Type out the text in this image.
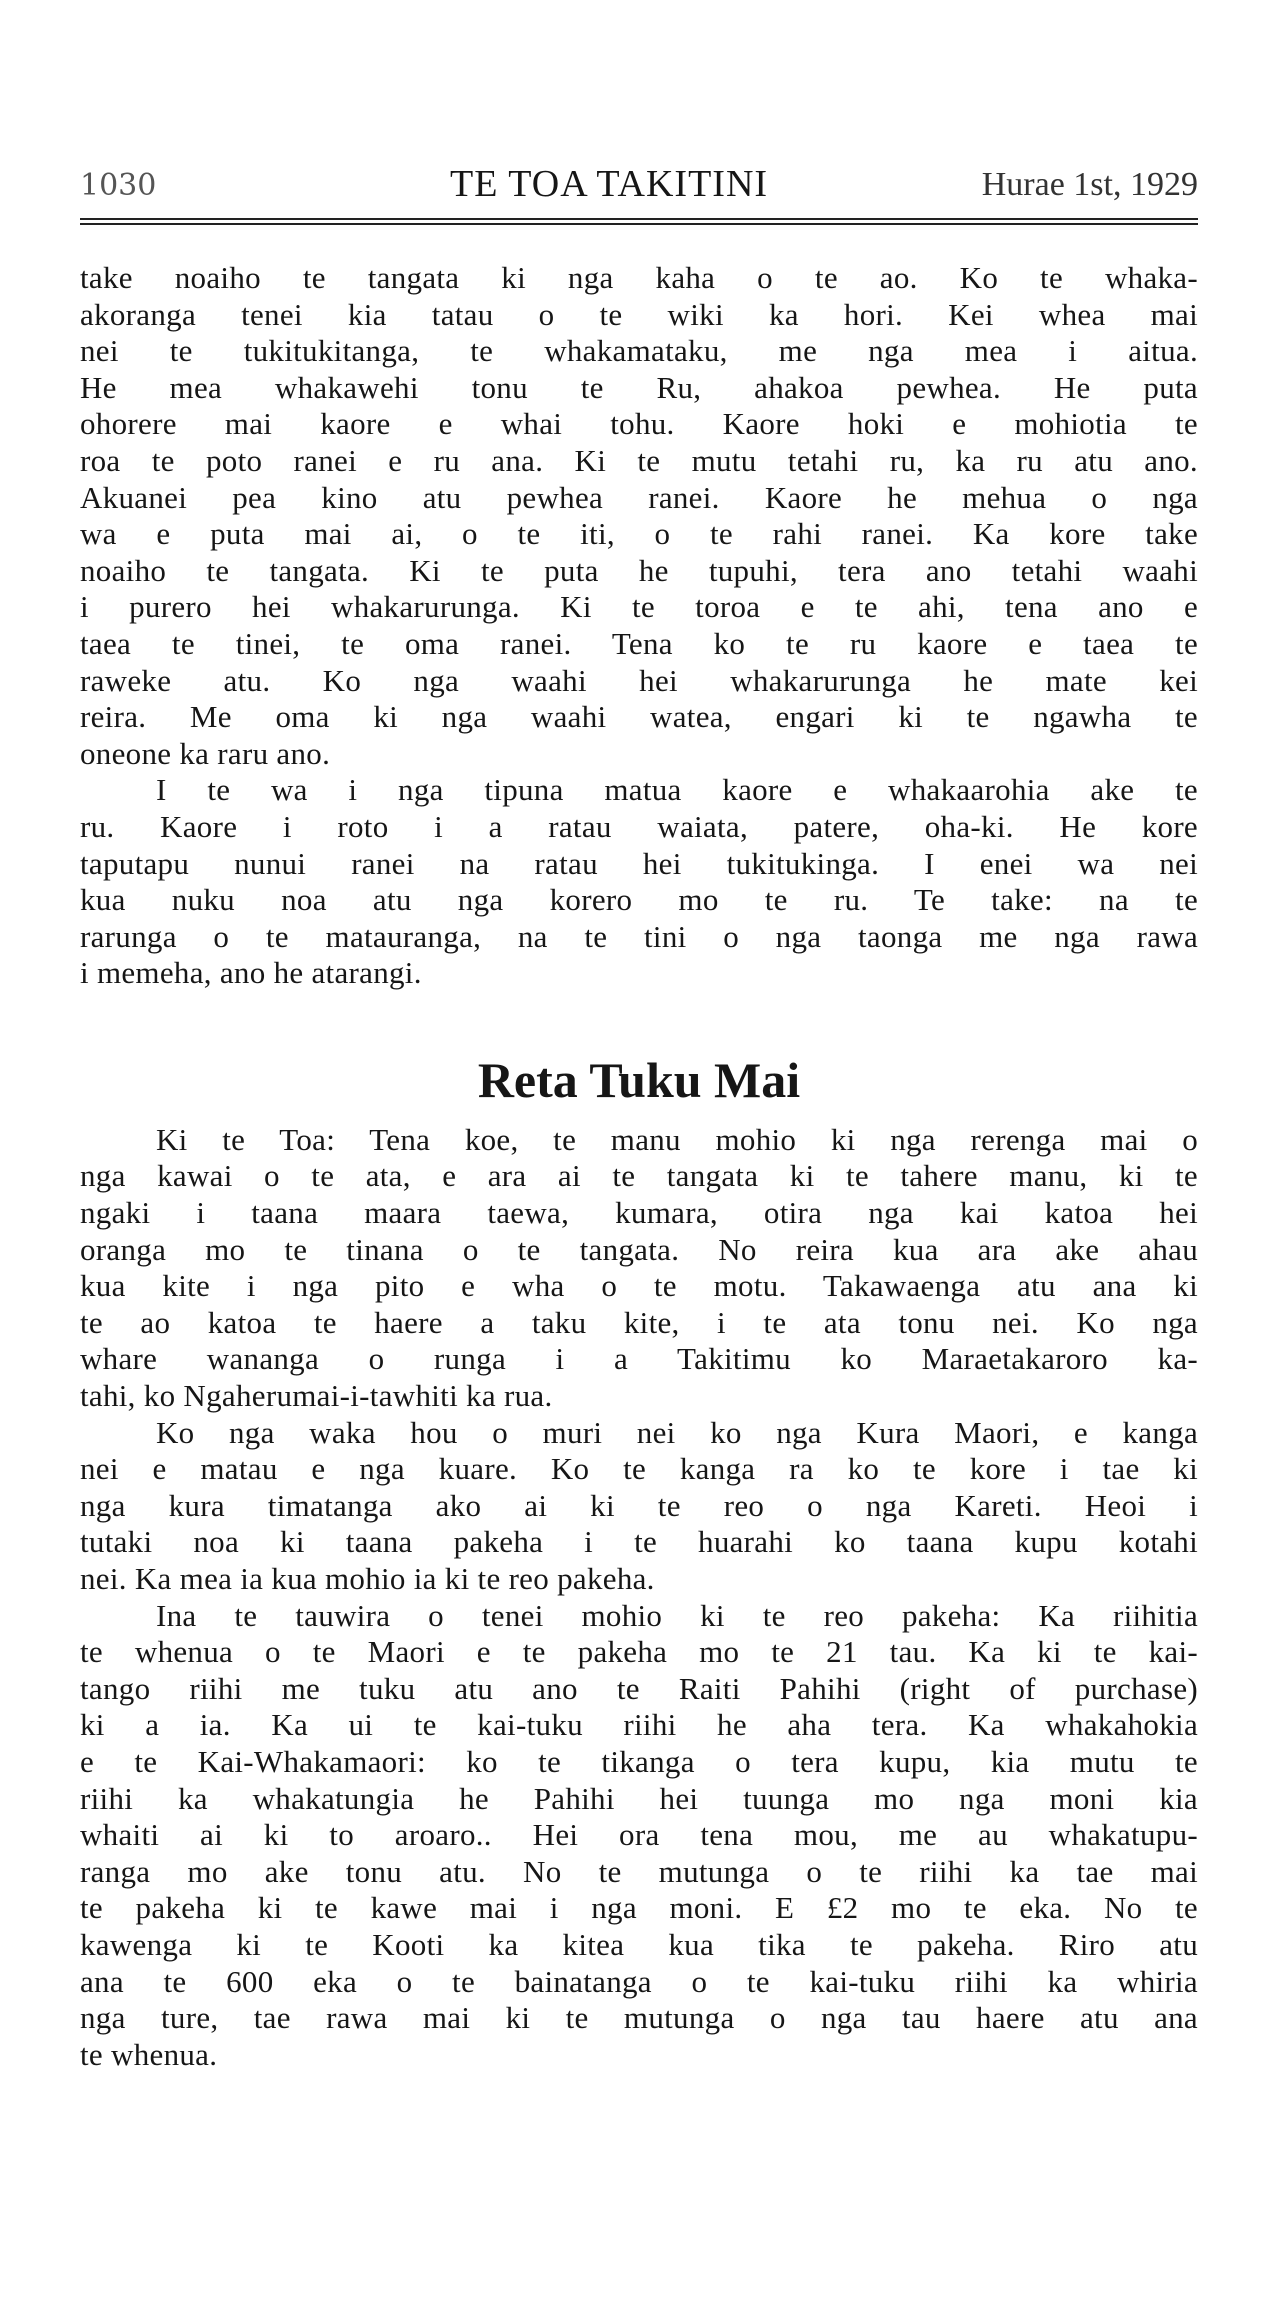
1030	TE TOA TAKITINI	Hurae 1st, 1929
take noaiho te tangata ki nga kaha o te ao. Ko te whaka-
akoranga tenei kia tatau o te wiki ka hori. Kei whea mai
nei te tukitukitanga, te whakamataku, me nga mea i aitua.
He mea whakawehi tonu te Ru, ahakoa pewhea. He puta
ohorere mai kaore e whai tohu. Kaore hoki e mohiotia te
roa te poto ranei e ru ana. Ki te mutu tetahi ru, ka ru atu ano.
Akuanei pea kino atu pewhea ranei. Kaore he mehua o nga
wa e puta mai ai, o te iti, o te rahi ranei. Ka kore take
noaiho te tangata. Ki te puta he tupuhi, tera ano tetahi waahi
i purero hei whakarurunga. Ki te toroa e te ahi, tena ano e
taea te tinei, te oma ranei. Tena ko te ru kaore e taea te
raweke atu. Ko nga waahi hei whakarurunga he mate kei
reira. Me oma ki nga waahi watea, engari ki te ngawha te
oneone ka raru ano.
I te wa i nga tipuna matua kaore e whakaarohia ake te
ru. Kaore i roto i a ratau waiata, patere, oha-ki. He kore
taputapu nunui ranei na ratau hei tukitukinga. I enei wa nei
kua nuku noa atu nga korero mo te ru. Te take: na te
rarunga o te matauranga, na te tini o nga taonga me nga rawa
i memeha, ano he atarangi.
Reta Tuku Mai
Ki te Toa: Tena koe, te manu mohio ki nga rerenga mai o
nga kawai o te ata, e ara ai te tangata ki te tahere manu, ki te
ngaki i taana maara taewa, kumara, otira nga kai katoa hei
oranga mo te tinana o te tangata. No reira kua ara ake ahau
kua kite i nga pito e wha o te motu. Takawaenga atu ana ki
te ao katoa te haere a taku kite, i te ata tonu nei. Ko nga
whare wananga o runga i a Takitimu ko Maraetakaroro ka-
tahi, ko Ngaherumai-i-tawhiti ka rua.
Ko nga waka hou o muri nei ko nga Kura Maori, e kanga
nei e matau e nga kuare. Ko te kanga ra ko te kore i tae ki
nga kura timatanga ako ai ki te reo o nga Kareti. Heoi i
tutaki noa ki taana pakeha i te huarahi ko taana kupu kotahi
nei. Ka mea ia kua mohio ia ki te reo pakeha.
Ina te tauwira o tenei mohio ki te reo pakeha: Ka riihitia
te whenua o te Maori e te pakeha mo te 21 tau. Ka ki te kai-
tango riihi me tuku atu ano te Raiti Pahihi (right of purchase)
ki a ia. Ka ui te kai-tuku riihi he aha tera. Ka whakahokia
e te Kai-Whakamaori: ko te tikanga o tera kupu, kia mutu te
riihi ka whakatungia he Pahihi hei tuunga mo nga moni kia
whaiti ai ki to aroaro.. Hei ora tena mou, me au whakatupu-
ranga mo ake tonu atu. No te mutunga o te riihi ka tae mai
te pakeha ki te kawe mai i nga moni. E £2 mo te eka. No te
kawenga ki te Kooti ka kitea kua tika te pakeha. Riro atu
ana te 600 eka o te bainatanga o te kai-tuku riihi ka whiria
nga ture, tae rawa mai ki te mutunga o nga tau haere atu ana
te whenua.
